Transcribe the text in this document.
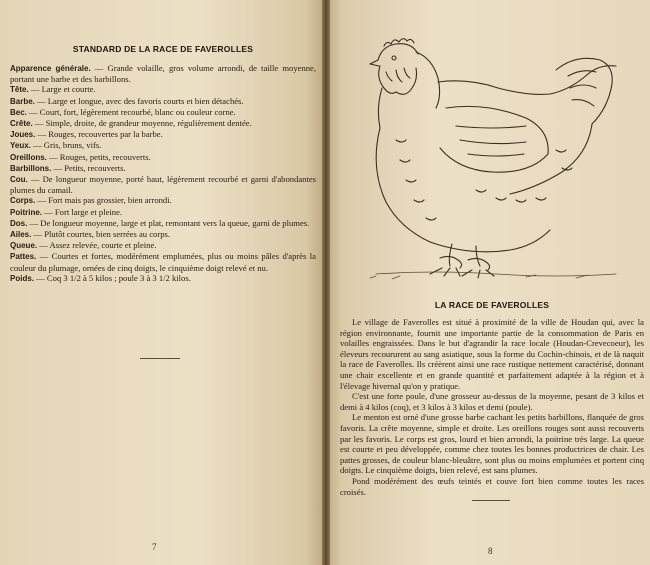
STANDARD DE LA RACE DE FAVEROLLES

Apparence générale. — Grande volaille, gros volume arrondi, de taille moyenne, portant une barbe et des barbillons.

Tête. — Large et courte.

Barbe. — Large et longue, avec des favoris courts et bien détachés.

Bec. — Court, fort, légèrement recourbé, blanc ou couleur corne.

Crête. — Simple, droite, de grandeur moyenne, régulièrement dentée.

Joues. — Rouges, recouvertes par la barbe.

Yeux. — Gris, bruns, vifs.

Oreillons. — Rouges, petits, recouverts.

Barbillons. — Petits, recouverts.

Cou. — De longueur moyenne, porté haut, légèrement recourbé et garni d'abondantes plumes du camail.

Corps. — Fort mais pas grossier, bien arrondi.

Poitrine. — Fort large et pleine.

Dos. — De longueur moyenne, large et plat, remontant vers la queue, garni de plumes.

Ailes. — Plutôt courtes, bien serrées au corps.

Queue. — Assez relevée, courte et pleine.

Pattes. — Courtes et fortes, modérément emplumées, plus ou moins pâles d'après la couleur du plumage, ornées de cinq doigts, le cinquième doigt relevé et nu.

Poids. — Coq 3 1/2 à 5 kilos ; poule 3 à 3 1/2 kilos.

7
LA RACE DE FAVEROLLES

Le village de Faverolles est situé à proximité de la ville de Houdan qui, avec la région environnante, fournit une importante partie de la consommation de Paris en volailles engraissées. Dans le but d'agrandir la race locale (Houdan-Crevecoeur), les éleveurs recoururent au sang asiatique, sous la forme du Cochin-chinois, et de là naquit la race de Faverolles. Ils créèrent ainsi une race rustique nettement caractérisé, donnant une chair excellente et en grande quantité et parfaitement adaptée à la région et à l'élevage hivernal qu'on y pratique.

C'est une forte poule, d'une grosseur au-dessus de la moyenne, pesant de 3 kilos et demi à 4 kilos (coq), et 3 kilos à 3 kilos et demi (poule).

Le menton est orné d'une grosse barbe cachant les petits barbillons, flanquée de gros favoris. La crête moyenne, simple et droite. Les oreillons rouges sont aussi recouverts par les favoris. Le corps est gros, lourd et bien arrondi, la poitrine très large. La queue est courte et peu développée, comme chez toutes les bonnes productrices de chair. Les pattes grosses, de couleur blanc-bleuâtre, sont plus ou moins emplumées et portent cinq doigts. Le cinquième doigts, bien relevé, est sans plumes.

Pond modérément des œufs teintés et couve fort bien comme toutes les races croisés.

8
